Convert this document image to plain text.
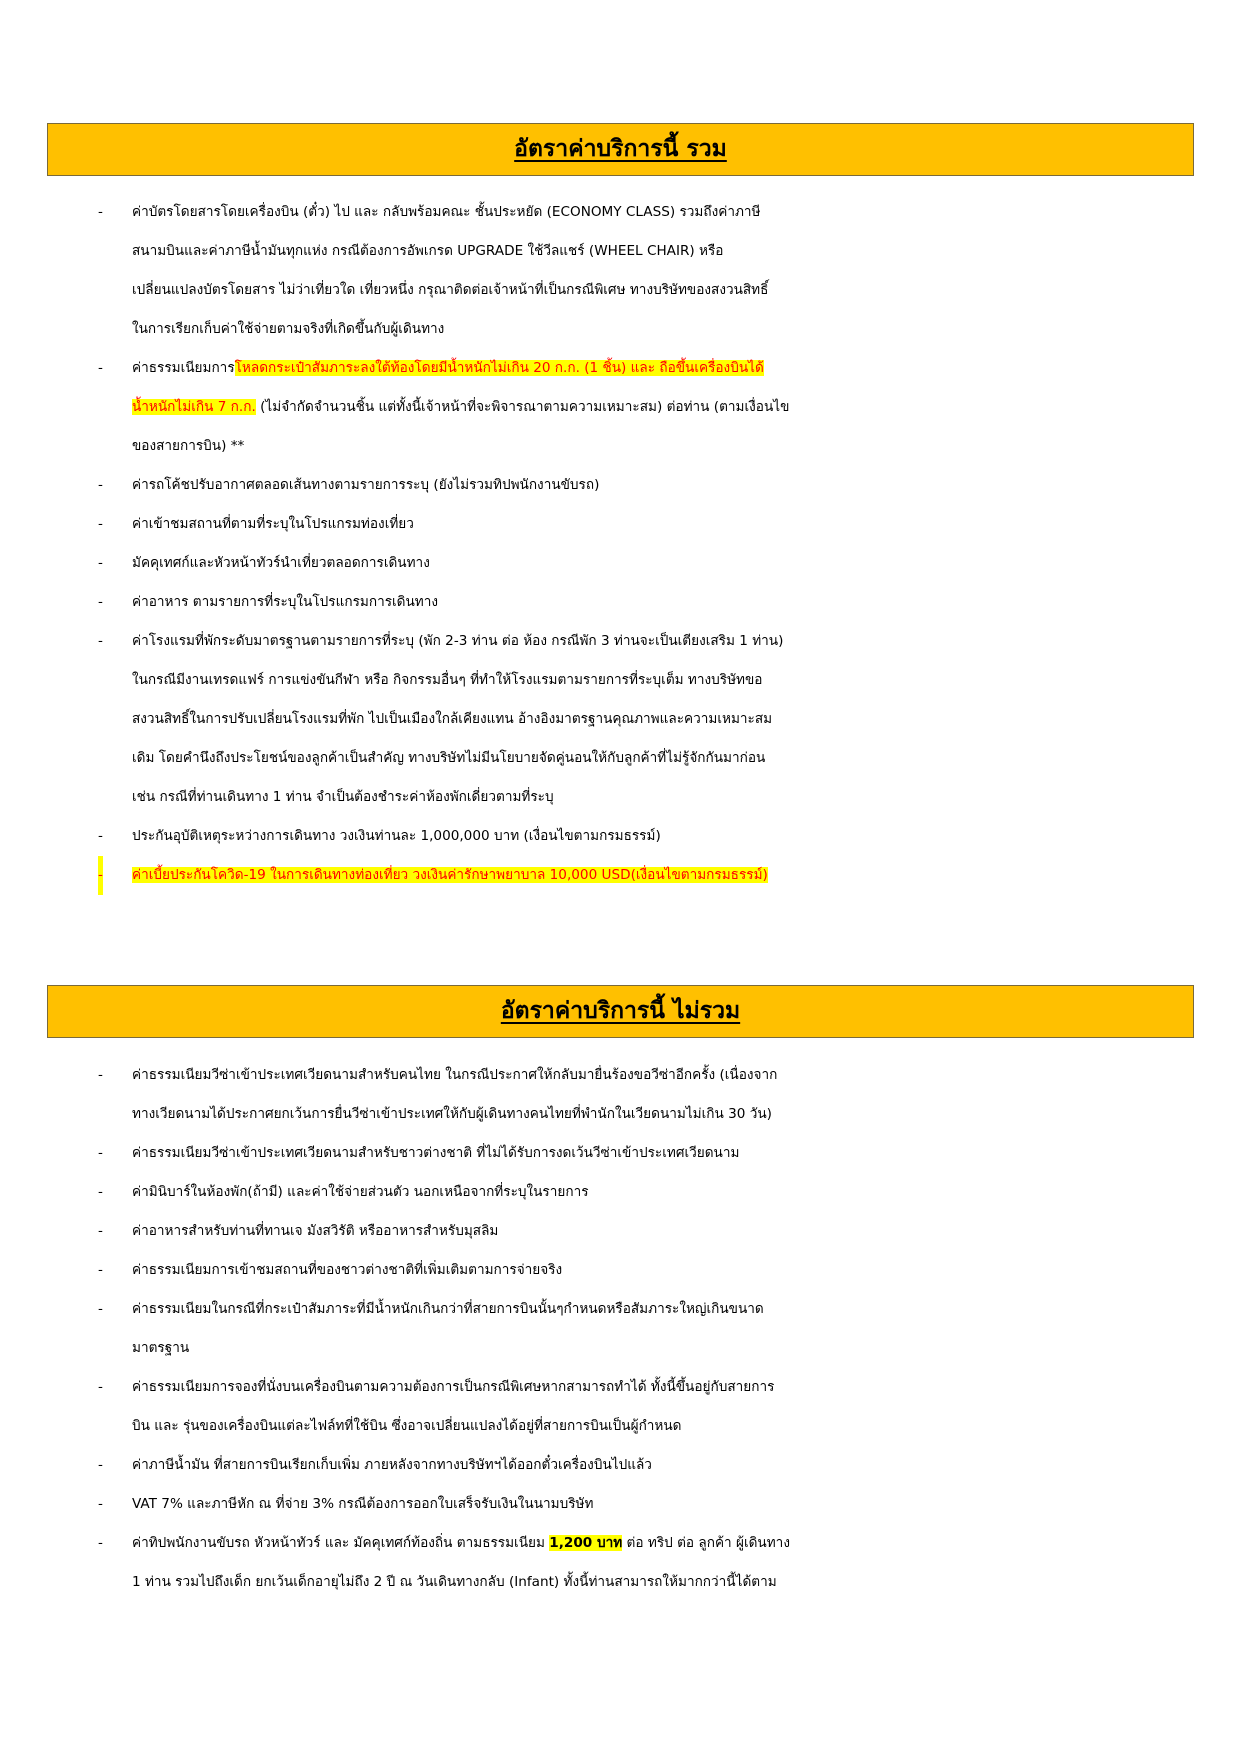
อัตราค่าบริการนี้ รวม
- ค่าบัตรโดยสารโดยเครื่องบิน (ตั๋ว) ไป และ กลับพร้อมคณะ ชั้นประหยัด (ECONOMY CLASS) รวมถึงค่าภาษี
สนามบินและค่าภาษีน้ำมันทุกแห่ง กรณีต้องการอัพเกรด UPGRADE ใช้วีลแชร์ (WHEEL CHAIR) หรือ
เปลี่ยนแปลงบัตรโดยสาร ไม่ว่าเที่ยวใด เที่ยวหนึ่ง กรุณาติดต่อเจ้าหน้าที่เป็นกรณีพิเศษ ทางบริษัทของสงวนสิทธิ์
ในการเรียกเก็บค่าใช้จ่ายตามจริงที่เกิดขึ้นกับผู้เดินทาง
- ค่าธรรมเนียมการโหลดกระเป๋าสัมภาระลงใต้ท้องโดยมีน้ำหนักไม่เกิน 20 ก.ก. (1 ชิ้น) และ ถือขึ้นเครื่องบินได้
น้ำหนักไม่เกิน 7 ก.ก. (ไม่จำกัดจำนวนชิ้น แต่ทั้งนี้เจ้าหน้าที่จะพิจารณาตามความเหมาะสม) ต่อท่าน (ตามเงื่อนไข
ของสายการบิน) **
- ค่ารถโค้ชปรับอากาศตลอดเส้นทางตามรายการระบุ (ยังไม่รวมทิปพนักงานขับรถ)
- ค่าเข้าชมสถานที่ตามที่ระบุในโปรแกรมท่องเที่ยว
- มัคคุเทศก์และหัวหน้าทัวร์นำเที่ยวตลอดการเดินทาง
- ค่าอาหาร ตามรายการที่ระบุในโปรแกรมการเดินทาง
- ค่าโรงแรมที่พักระดับมาตรฐานตามรายการที่ระบุ (พัก 2-3 ท่าน ต่อ ห้อง กรณีพัก 3 ท่านจะเป็นเตียงเสริม 1 ท่าน)
ในกรณีมีงานเทรดแฟร์ การแข่งขันกีฬา หรือ กิจกรรมอื่นๆ ที่ทำให้โรงแรมตามรายการที่ระบุเต็ม ทางบริษัทขอ
สงวนสิทธิ์ในการปรับเปลี่ยนโรงแรมที่พัก ไปเป็นเมืองใกล้เคียงแทน อ้างอิงมาตรฐานคุณภาพและความเหมาะสม
เดิม โดยคำนึงถึงประโยชน์ของลูกค้าเป็นสำคัญ ทางบริษัทไม่มีนโยบายจัดคู่นอนให้กับลูกค้าที่ไม่รู้จักกันมาก่อน
เช่น กรณีที่ท่านเดินทาง 1 ท่าน จำเป็นต้องชำระค่าห้องพักเดี่ยวตามที่ระบุ
- ประกันอุบัติเหตุระหว่างการเดินทาง วงเงินท่านละ 1,000,000 บาท (เงื่อนไขตามกรมธรรม์)
- ค่าเบี้ยประกันโควิด-19 ในการเดินทางท่องเที่ยว วงเงินค่ารักษาพยาบาล 10,000 USD(เงื่อนไขตามกรมธรรม์)
อัตราค่าบริการนี้ ไม่รวม
- ค่าธรรมเนียมวีซ่าเข้าประเทศเวียดนามสำหรับคนไทย ในกรณีประกาศให้กลับมายื่นร้องขอวีซ่าอีกครั้ง (เนื่องจาก
ทางเวียดนามได้ประกาศยกเว้นการยื่นวีซ่าเข้าประเทศให้กับผู้เดินทางคนไทยที่พำนักในเวียดนามไม่เกิน 30 วัน)
- ค่าธรรมเนียมวีซ่าเข้าประเทศเวียดนามสำหรับชาวต่างชาติ ที่ไม่ได้รับการงดเว้นวีซ่าเข้าประเทศเวียดนาม
- ค่ามินิบาร์ในห้องพัก(ถ้ามี) และค่าใช้จ่ายส่วนตัว นอกเหนือจากที่ระบุในรายการ
- ค่าอาหารสำหรับท่านที่ทานเจ มังสวิรัติ หรืออาหารสำหรับมุสลิม
- ค่าธรรมเนียมการเข้าชมสถานที่ของชาวต่างชาติที่เพิ่มเติมตามการจ่ายจริง
- ค่าธรรมเนียมในกรณีที่กระเป๋าสัมภาระที่มีน้ำหนักเกินกว่าที่สายการบินนั้นๆกำหนดหรือสัมภาระใหญ่เกินขนาด
มาตรฐาน
- ค่าธรรมเนียมการจองที่นั่งบนเครื่องบินตามความต้องการเป็นกรณีพิเศษหากสามารถทำได้ ทั้งนี้ขึ้นอยู่กับสายการ
บิน และ รุ่นของเครื่องบินแต่ละไฟล์ทที่ใช้บิน ซึ่งอาจเปลี่ยนแปลงได้อยู่ที่สายการบินเป็นผู้กำหนด
- ค่าภาษีน้ำมัน ที่สายการบินเรียกเก็บเพิ่ม ภายหลังจากทางบริษัทฯได้ออกตั๋วเครื่องบินไปแล้ว
- VAT 7% และภาษีหัก ณ ที่จ่าย 3% กรณีต้องการออกใบเสร็จรับเงินในนามบริษัท
- ค่าทิปพนักงานขับรถ หัวหน้าทัวร์ และ มัคคุเทศก์ท้องถิ่น ตามธรรมเนียม 1,200 บาท ต่อ ทริป ต่อ ลูกค้า ผู้เดินทาง
1 ท่าน รวมไปถึงเด็ก ยกเว้นเด็กอายุไม่ถึง 2 ปี ณ วันเดินทางกลับ (Infant) ทั้งนี้ท่านสามารถให้มากกว่านี้ได้ตาม
